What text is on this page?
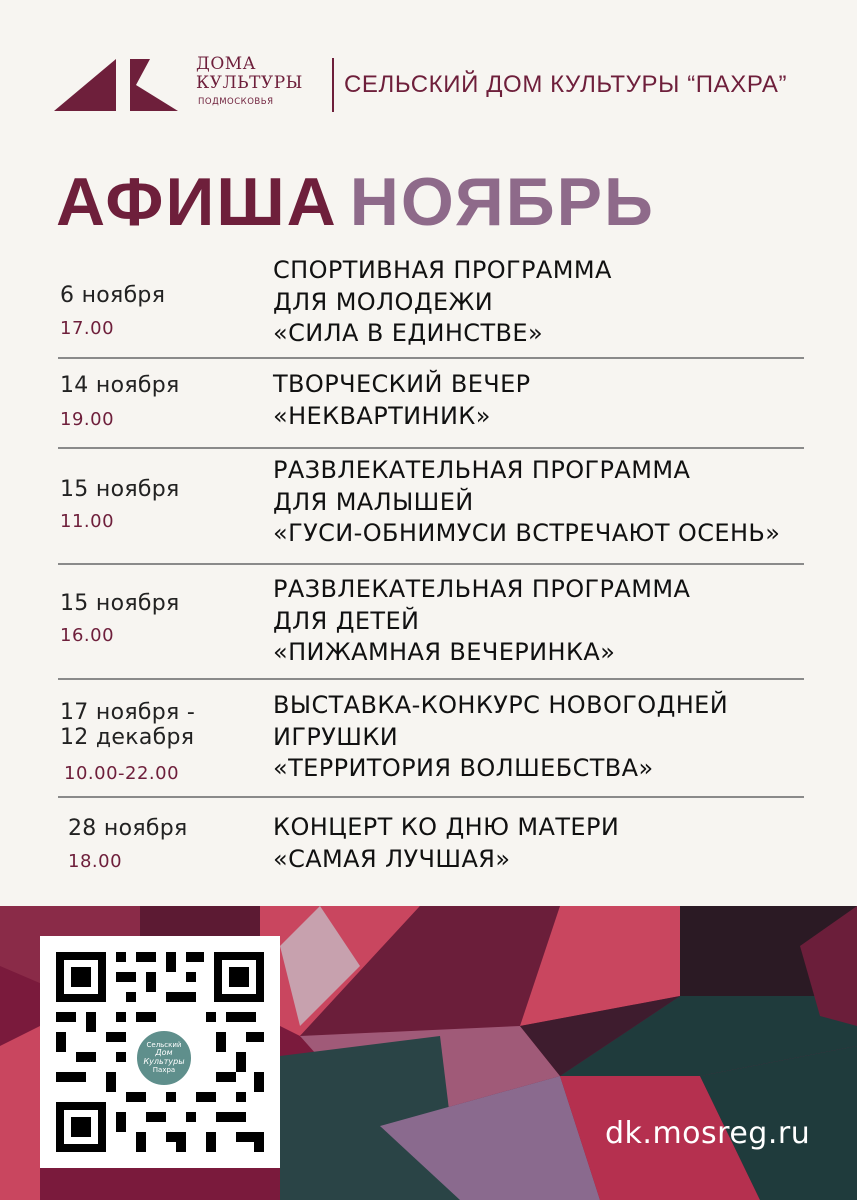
ДОМА
КУЛЬТУРЫ
ПОДМОСКОВЬЯ
СЕЛЬСКИЙ ДОМ КУЛЬТУРЫ “ПАХРА”
АФИША НОЯБРЬ
6 ноября
17.00
СПОРТИВНАЯ ПРОГРАММА
ДЛЯ МОЛОДЕЖИ
«СИЛА В ЕДИНСТВЕ»
14 ноября
19.00
ТВОРЧЕСКИЙ ВЕЧЕР
«НЕКВАРТИНИК»
15 ноября
11.00
РАЗВЛЕКАТЕЛЬНАЯ ПРОГРАММА
ДЛЯ МАЛЫШЕЙ
«ГУСИ-ОБНИМУСИ ВСТРЕЧАЮТ ОСЕНЬ»
15 ноября
16.00
РАЗВЛЕКАТЕЛЬНАЯ ПРОГРАММА
ДЛЯ ДЕТЕЙ
«ПИЖАМНАЯ ВЕЧЕРИНКА»
17 ноября -
12 декабря
10.00-22.00
ВЫСТАВКА-КОНКУРС НОВОГОДНЕЙ
ИГРУШКИ
«ТЕРРИТОРИЯ ВОЛШЕБСТВА»
28 ноября
18.00
КОНЦЕРТ КО ДНЮ МАТЕРИ
«САМАЯ ЛУЧШАЯ»
Сельский
Дом Культуры
Пахра
dk.mosreg.ru
